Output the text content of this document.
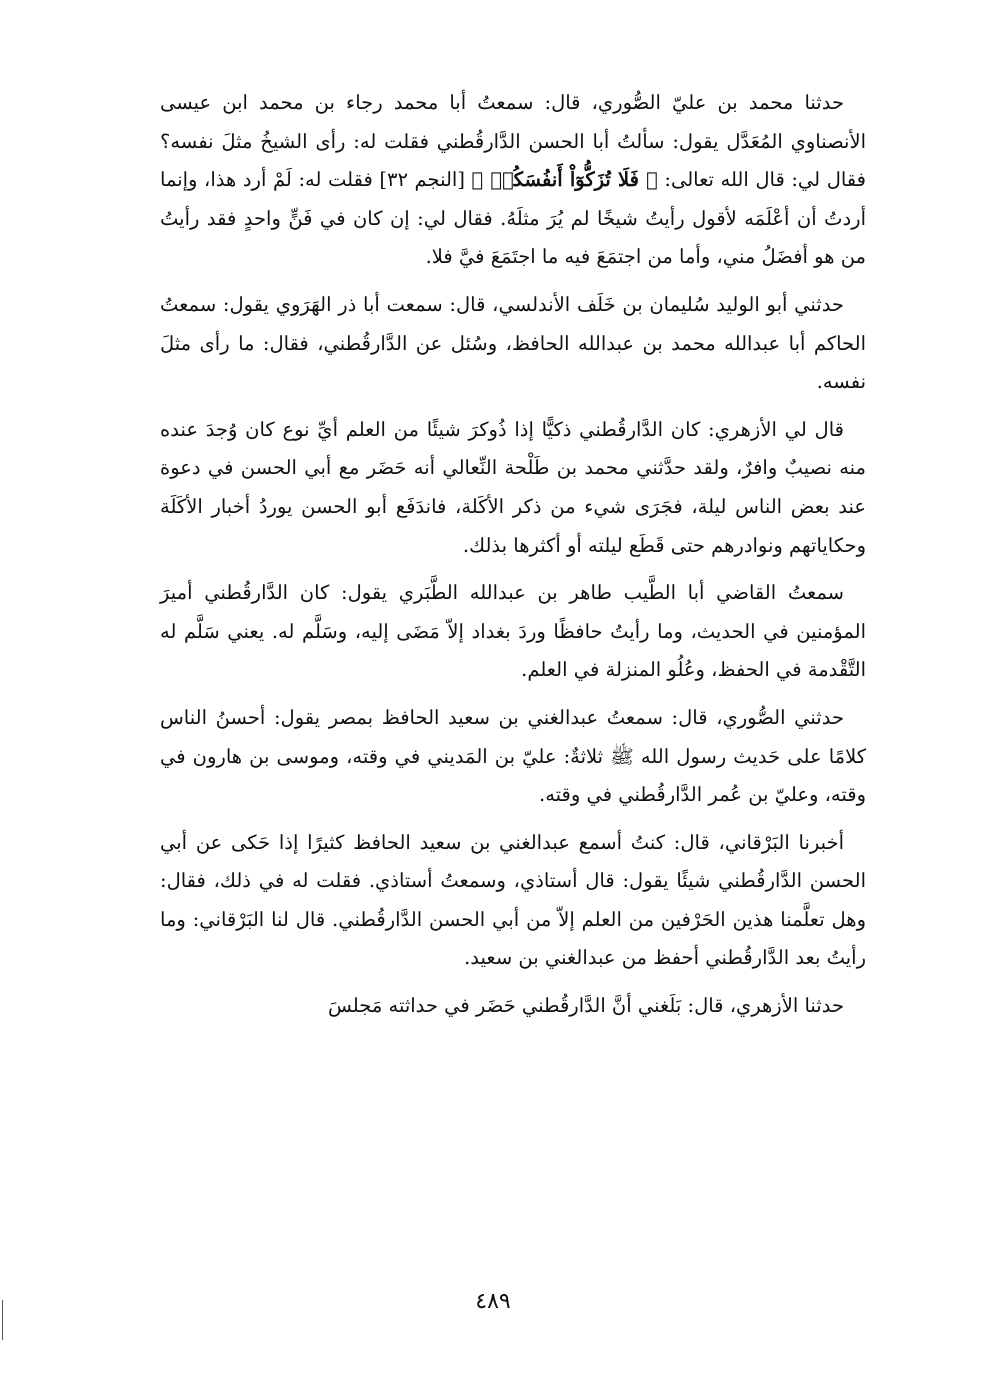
حدثنا محمد بن عليّ الصُّوري، قال: سمعتُ أبا محمد رجاء بن محمد ابن عيسى الأنصناوي المُعَدَّل يقول: سألتُ أبا الحسن الدَّارقُطني فقلت له: رأى الشيخُ مثلَ نفسه؟ فقال لي: قال الله تعالى: ﴿ فَلَا تُزَكُّوٓاْ أَنفُسَكُمۡ ﴾ [النجم ٣٢] فقلت له: لَمْ أرد هذا، وإنما أردتُ أن أعْلَمَه لأقول رأيتُ شيخًا لم يُرَ مثلَهُ. فقال لي: إن كان في فَنٍّ واحدٍ فقد رأيتُ من هو أفضَلُ مني، وأما من اجتمَعَ فيه ما اجتَمَعَ فيَّ فلا.

حدثني أبو الوليد سُليمان بن خَلَف الأندلسي، قال: سمعت أبا ذر الهَرَوي يقول: سمعتُ الحاكم أبا عبدالله محمد بن عبدالله الحافظ، وسُئل عن الدَّارقُطني، فقال: ما رأى مثلَ نفسه.

قال لي الأزهري: كان الدَّارقُطني ذكيًّا إذا ذُوكرَ شيئًا من العلم أيِّ نوع كان وُجدَ عنده منه نصيبٌ وافرٌ، ولقد حدَّثني محمد بن طَلْحة النِّعالي أنه حَضَر مع أبي الحسن في دعوة عند بعض الناس ليلة، فجَرَى شيء من ذكر الأكَلة، فاندَفَع أبو الحسن يوردُ أخبار الأكَلَة وحكاياتهم ونوادرهم حتى قَطَع ليلته أو أكثرها بذلك.

سمعتُ القاضي أبا الطَّيب طاهر بن عبدالله الطَّبَري يقول: كان الدَّارقُطني أميرَ المؤمنين في الحديث، وما رأيتُ حافظًا وردَ بغداد إلاّ مَضَى إليه، وسَلَّم له. يعني سَلَّم له التَّقْدمة في الحفظ، وعُلُو المنزلة في العلم.

حدثني الصُّوري، قال: سمعتُ عبدالغني بن سعيد الحافظ بمصر يقول: أحسنُ الناس كلامًا على حَديث رسول الله ﷺ ثلاثةٌ: عليّ بن المَديني في وقته، وموسى بن هارون في وقته، وعليّ بن عُمر الدَّارقُطني في وقته.

أخبرنا البَرْقاني، قال: كنتُ أسمع عبدالغني بن سعيد الحافظ كثيرًا إذا حَكى عن أبي الحسن الدَّارقُطني شيئًا يقول: قال أستاذي، وسمعتُ أستاذي. فقلت له في ذلك، فقال: وهل تعلَّمنا هذين الحَرْفين من العلم إلاّ من أبي الحسن الدَّارقُطني. قال لنا البَرْقاني: وما رأيتُ بعد الدَّارقُطني أحفظ من عبدالغني بن سعيد.

حدثنا الأزهري، قال: بَلَغني أنَّ الدَّارقُطني حَضَر في حداثته مَجلسَ

٤٨٩
